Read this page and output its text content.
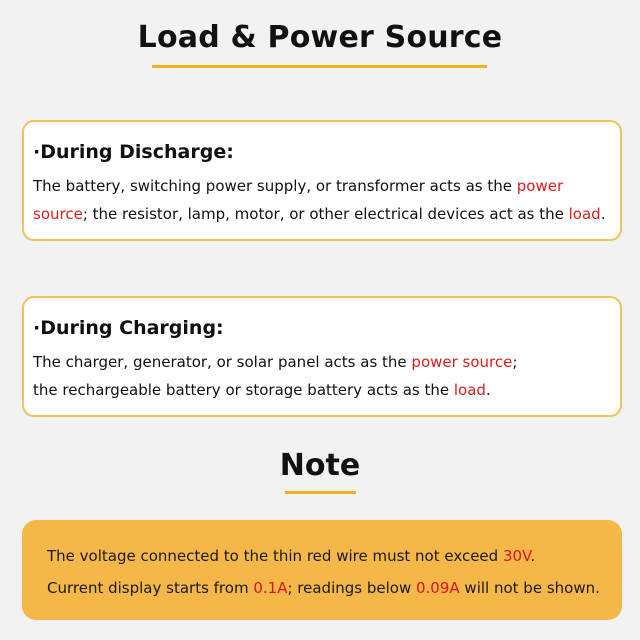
Load & Power Source

·During Discharge:

The battery, switching power supply, or transformer acts as the power
source; the resistor, lamp, motor, or other electrical devices act as the load.

·During Charging:

The charger, generator, or solar panel acts as the power source;
the rechargeable battery or storage battery acts as the load.

Note

The voltage connected to the thin red wire must not exceed 30V.

Current display starts from 0.1A; readings below 0.09A will not be shown.
